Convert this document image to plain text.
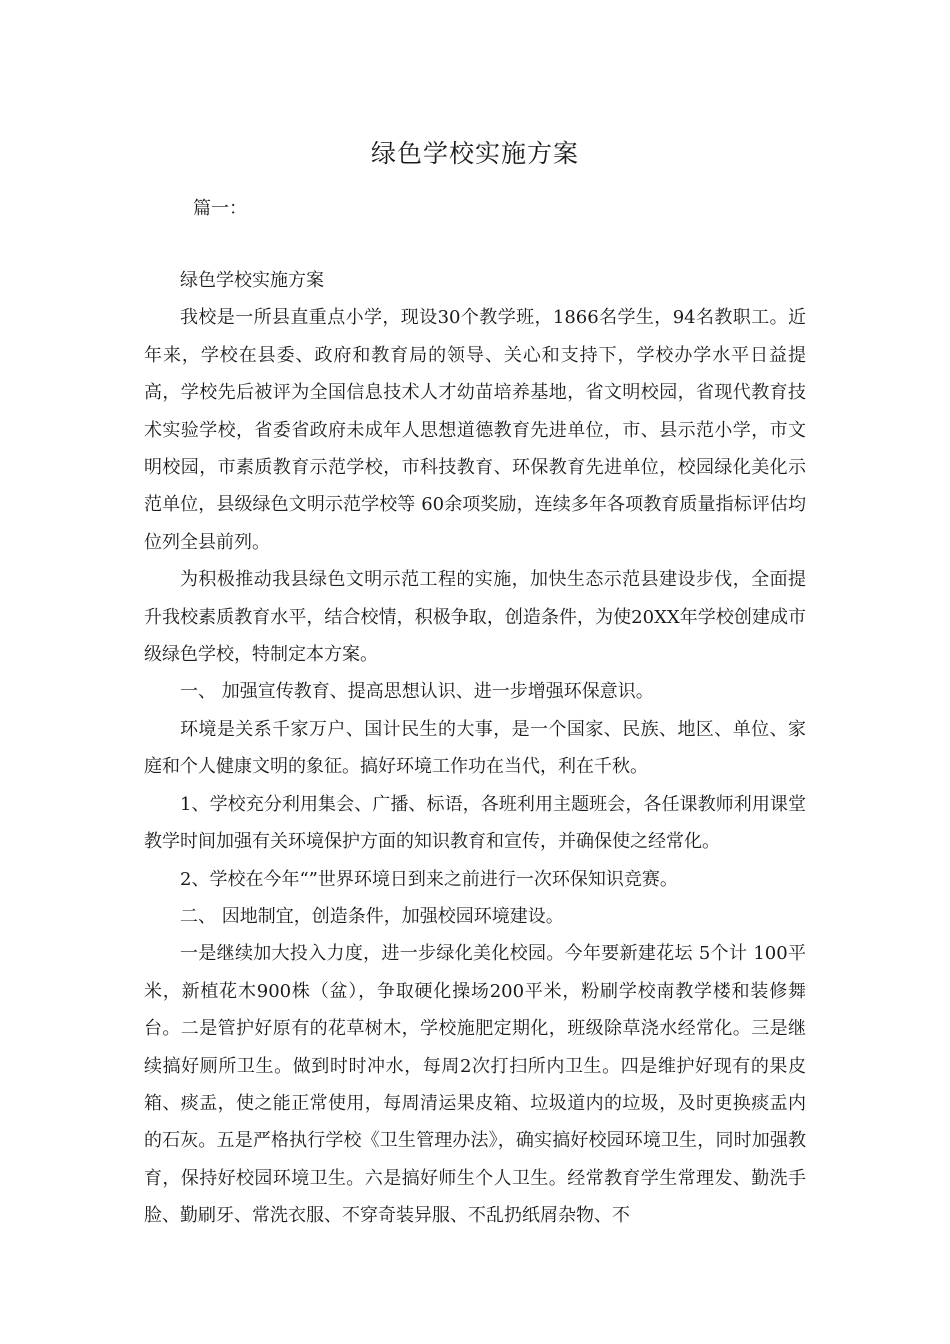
绿色学校实施方案
篇一：

绿色学校实施方案

我校是一所县直重点小学，现设30个教学班，1866名学生，94名教职工。近年来，学校在县委、政府和教育局的领导、关心和支持下，学校办学水平日益提高，学校先后被评为全国信息技术人才幼苗培养基地，省文明校园，省现代教育技术实验学校，省委省政府未成年人思想道德教育先进单位，市、县示范小学，市文明校园，市素质教育示范学校，市科技教育、环保教育先进单位，校园绿化美化示范单位，县级绿色文明示范学校等 60余项奖励，连续多年各项教育质量指标评估均位列全县前列。

为积极推动我县绿色文明示范工程的实施，加快生态示范县建设步伐，全面提升我校素质教育水平，结合校情，积极争取，创造条件，为使20XX年学校创建成市级绿色学校，特制定本方案。

一、 加强宣传教育、提高思想认识、进一步增强环保意识。

环境是关系千家万户、国计民生的大事，是一个国家、民族、地区、单位、家庭和个人健康文明的象征。搞好环境工作功在当代，利在千秋。

1、学校充分利用集会、广播、标语，各班利用主题班会，各任课教师利用课堂教学时间加强有关环境保护方面的知识教育和宣传，并确保使之经常化。

2、学校在今年“”世界环境日到来之前进行一次环保知识竞赛。

二、 因地制宜，创造条件，加强校园环境建设。

一是继续加大投入力度，进一步绿化美化校园。今年要新建花坛 5个计 100平米，新植花木900株（盆），争取硬化操场200平米，粉刷学校南教学楼和装修舞台。二是管护好原有的花草树木，学校施肥定期化，班级除草浇水经常化。三是继续搞好厕所卫生。做到时时冲水，每周2次打扫所内卫生。四是维护好现有的果皮箱、痰盂，使之能正常使用，每周清运果皮箱、垃圾道内的垃圾，及时更换痰盂内的石灰。五是严格执行学校《卫生管理办法》，确实搞好校园环境卫生，同时加强教育，保持好校园环境卫生。六是搞好师生个人卫生。经常教育学生常理发、勤洗手脸、勤刷牙、常洗衣服、不穿奇装异服、不乱扔纸屑杂物、不
